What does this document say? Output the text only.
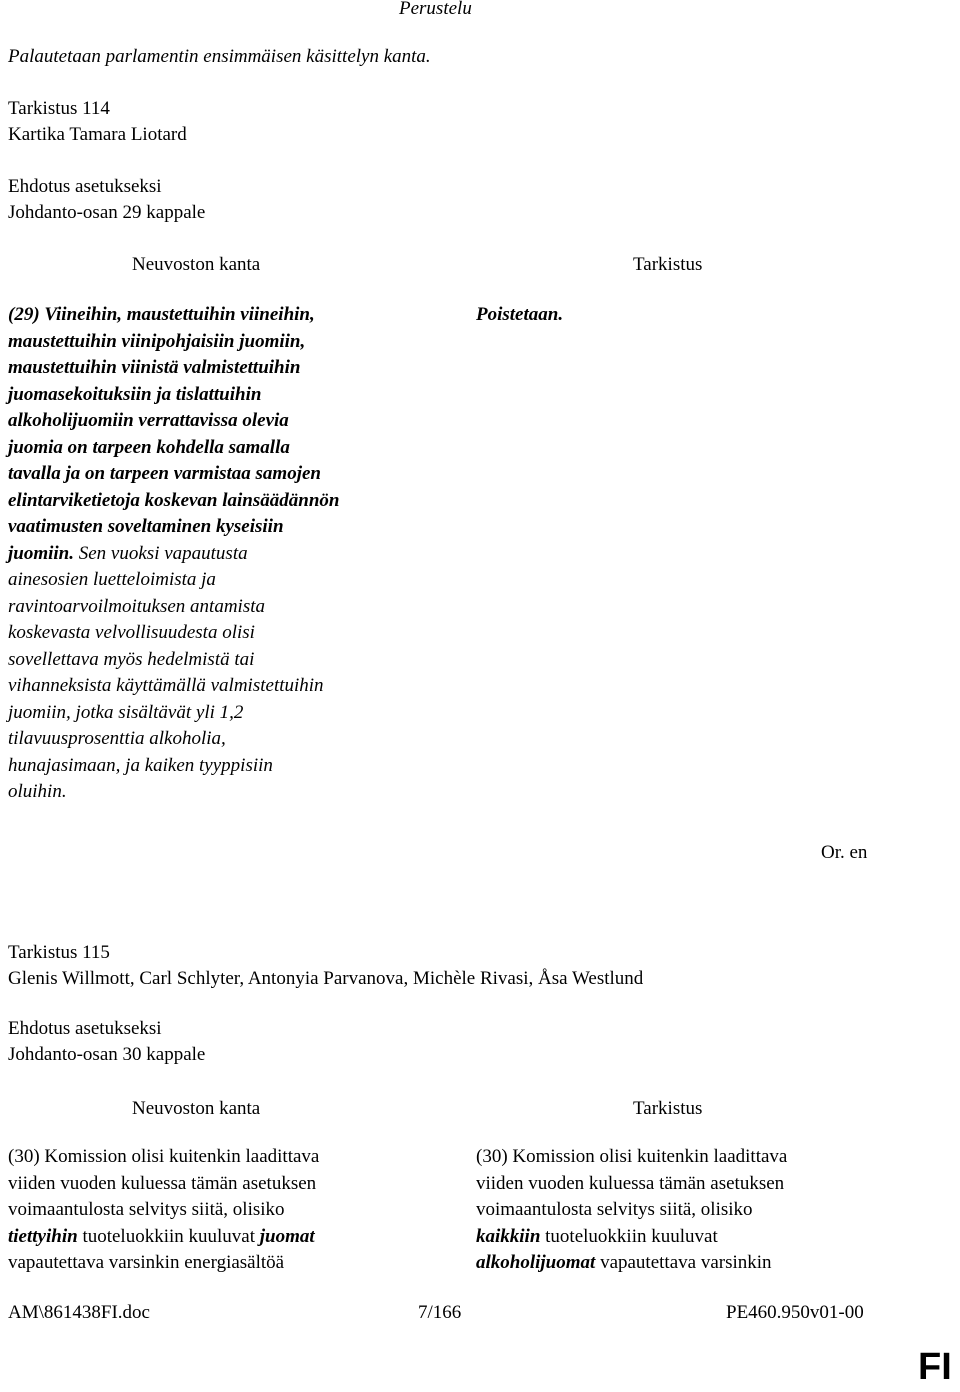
Perustelu
Palautetaan parlamentin ensimmäisen käsittelyn kanta.
Tarkistus 114
Kartika Tamara Liotard
Ehdotus asetukseksi
Johdanto-osan 29 kappale
Neuvoston kanta	Tarkistus
(29) Viineihin, maustettuihin viineihin,
maustettuihin viinipohjaisiin juomiin,
maustettuihin viinistä valmistettuihin
juomasekoituksiin ja tislattuihin
alkoholijuomiin verrattavissa olevia
juomia on tarpeen kohdella samalla
tavalla ja on tarpeen varmistaa samojen
elintarviketietoja koskevan lainsäädännön
vaatimusten soveltaminen kyseisiin
juomiin. Sen vuoksi vapautusta
ainesosien luetteloimista ja
ravintoarvoilmoituksen antamista
koskevasta velvollisuudesta olisi
sovellettava myös hedelmistä tai
vihanneksista käyttämällä valmistettuihin
juomiin, jotka sisältävät yli 1,2
tilavuusprosenttia alkoholia,
hunajasimaan, ja kaiken tyyppisiin
oluihin.
Poistetaan.
Or. en
Tarkistus 115
Glenis Willmott, Carl Schlyter, Antonyia Parvanova, Michèle Rivasi, Åsa Westlund
Ehdotus asetukseksi
Johdanto-osan 30 kappale
Neuvoston kanta	Tarkistus
(30) Komission olisi kuitenkin laadittava
viiden vuoden kuluessa tämän asetuksen
voimaantulosta selvitys siitä, olisiko
tiettyihin tuoteluokkiin kuuluvat juomat
vapautettava varsinkin energiasältöä
(30) Komission olisi kuitenkin laadittava
viiden vuoden kuluessa tämän asetuksen
voimaantulosta selvitys siitä, olisiko
kaikkiin tuoteluokkiin kuuluvat
alkoholijuomat vapautettava varsinkin
AM\861438FI.doc	7/166	PE460.950v01-00
FI
